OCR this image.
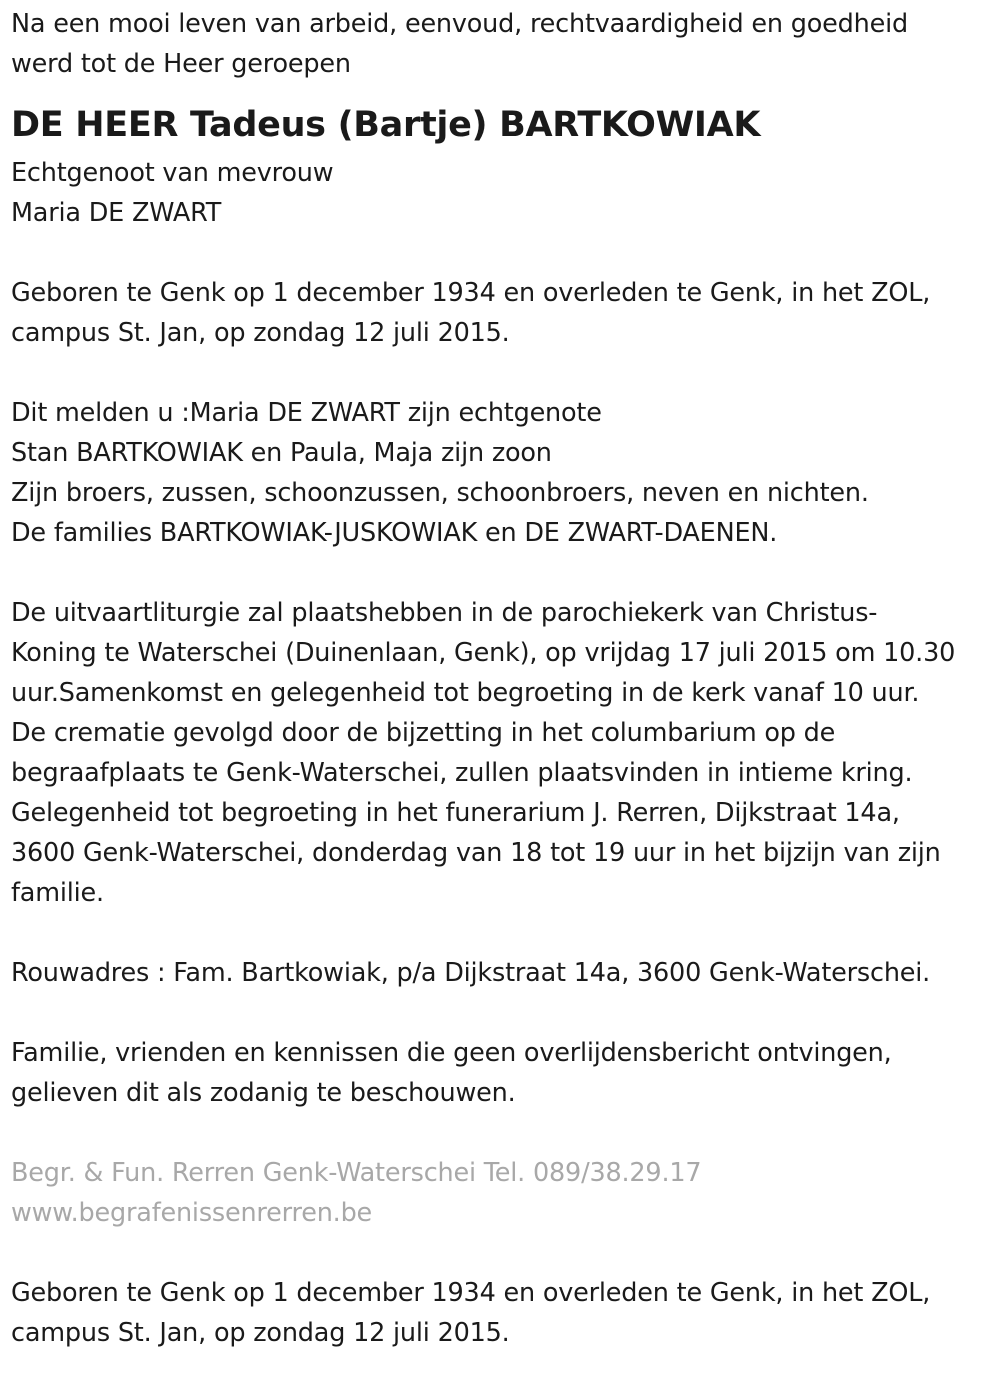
Na een mooi leven van arbeid, eenvoud, rechtvaardigheid en goedheid
werd tot de Heer geroepen
DE HEER Tadeus (Bartje) BARTKOWIAK
Echtgenoot van mevrouw
Maria DE ZWART
Geboren te Genk op 1 december 1934 en overleden te Genk, in het ZOL,
campus St. Jan, op zondag 12 juli 2015.
Dit melden u :Maria DE ZWART zijn echtgenote
Stan BARTKOWIAK en Paula, Maja zijn zoon
Zijn broers, zussen, schoonzussen, schoonbroers, neven en nichten.
De families BARTKOWIAK-JUSKOWIAK en DE ZWART-DAENEN.
De uitvaartliturgie zal plaatshebben in de parochiekerk van Christus-
Koning te Waterschei (Duinenlaan, Genk), op vrijdag 17 juli 2015 om 10.30
uur.Samenkomst en gelegenheid tot begroeting in de kerk vanaf 10 uur.
De crematie gevolgd door de bijzetting in het columbarium op de
begraafplaats te Genk-Waterschei, zullen plaatsvinden in intieme kring.
Gelegenheid tot begroeting in het funerarium J. Rerren, Dijkstraat 14a,
3600 Genk-Waterschei, donderdag van 18 tot 19 uur in het bijzijn van zijn
familie.
Rouwadres : Fam. Bartkowiak, p/a Dijkstraat 14a, 3600 Genk-Waterschei.
Familie, vrienden en kennissen die geen overlijdensbericht ontvingen,
gelieven dit als zodanig te beschouwen.
Begr. & Fun. Rerren Genk-Waterschei Tel. 089/38.29.17
www.begrafenissenrerren.be
Geboren te Genk op 1 december 1934 en overleden te Genk, in het ZOL,
campus St. Jan, op zondag 12 juli 2015.
